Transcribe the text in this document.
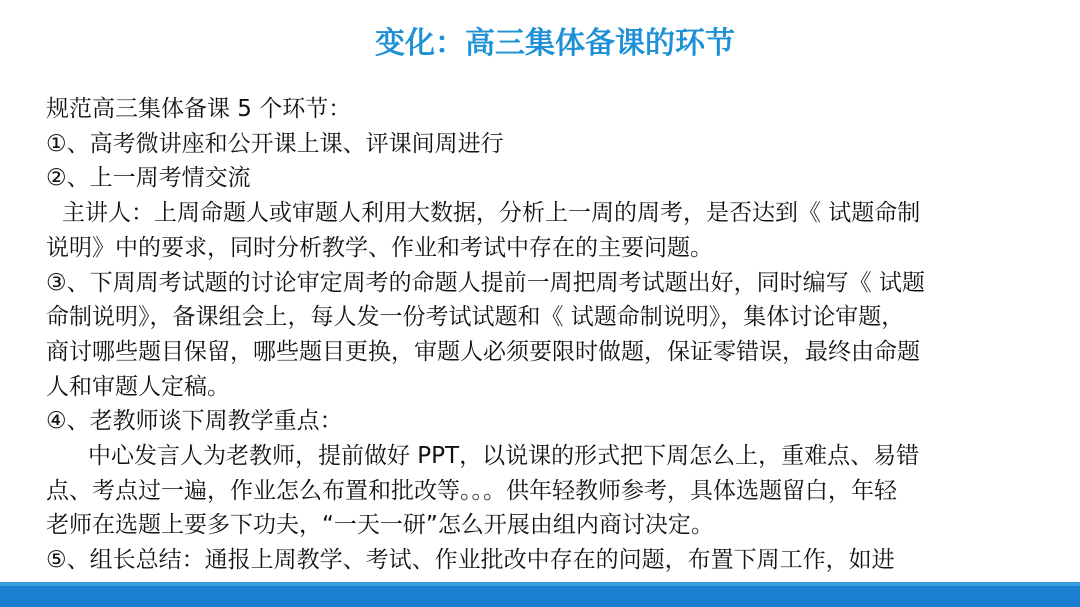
变化：高三集体备课的环节
规范高三集体备课 5 个环节：
①、高考微讲座和公开课上课、评课间周进行
②、上一周考情交流
主讲人：上周命题人或审题人利用大数据，分析上一周的周考，是否达到《 试题命制
说明》中的要求，同时分析教学、作业和考试中存在的主要问题。
③、下周周考试题的讨论审定周考的命题人提前一周把周考试题出好，同时编写《 试题
命制说明》，备课组会上，每人发一份考试试题和《 试题命制说明》，集体讨论审题，
商讨哪些题目保留，哪些题目更换，审题人必须要限时做题，保证零错误，最终由命题
人和审题人定稿。
④、老教师谈下周教学重点：
中心发言人为老教师，提前做好 PPT，以说课的形式把下周怎么上，重难点、易错
点、考点过一遍，作业怎么布置和批改等。。。供年轻教师参考，具体选题留白，年轻
老师在选题上要多下功夫，“一天一研”怎么开展由组内商讨决定。
⑤、组长总结：通报上周教学、考试、作业批改中存在的问题，布置下周工作，如进
